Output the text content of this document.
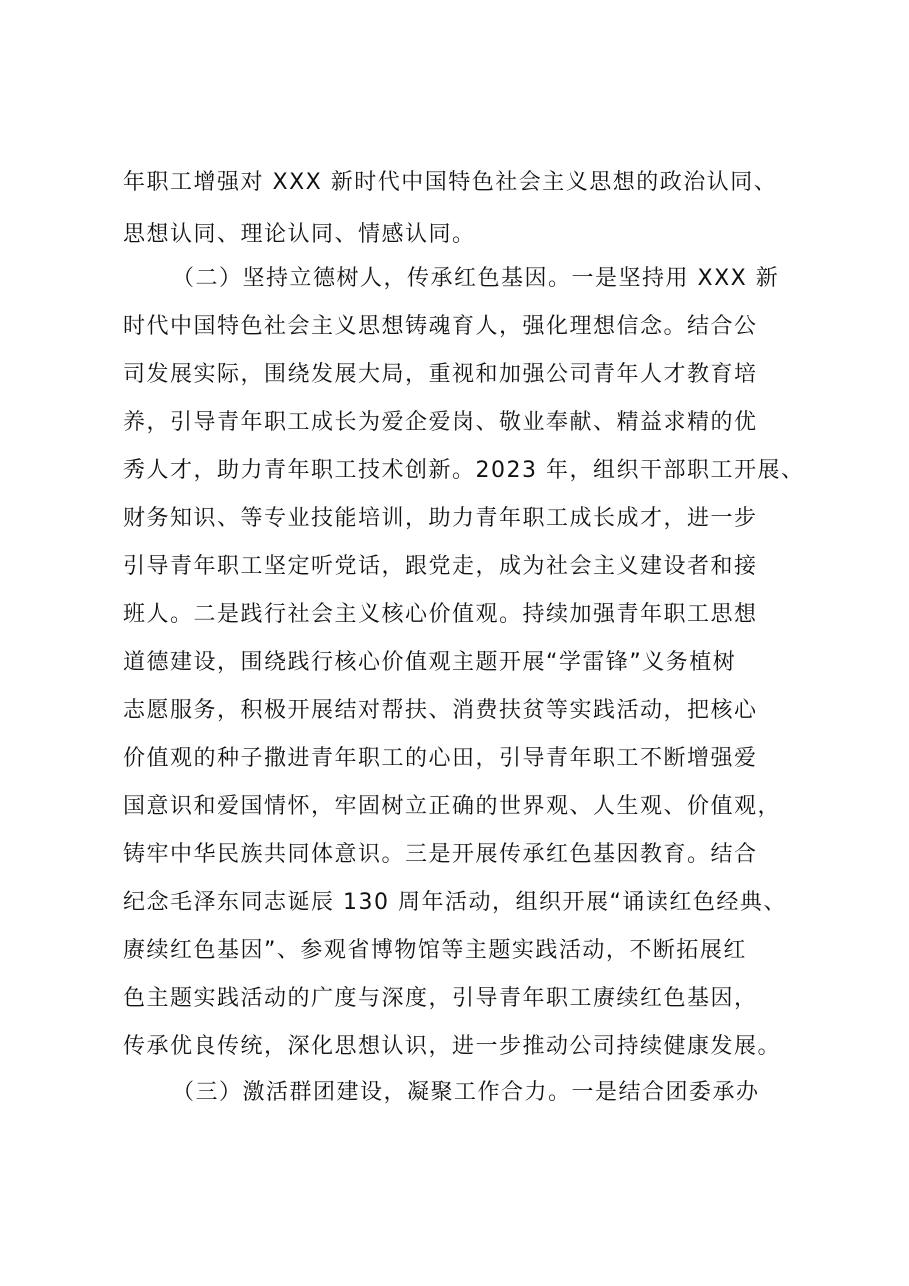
年职工增强对 XXX 新时代中国特色社会主义思想的政治认同、
思想认同、理论认同、情感认同。
（二）坚持立德树人，传承红色基因。一是坚持用 XXX 新
时代中国特色社会主义思想铸魂育人，强化理想信念。结合公
司发展实际，围绕发展大局，重视和加强公司青年人才教育培
养，引导青年职工成长为爱企爱岗、敬业奉献、精益求精的优
秀人才，助力青年职工技术创新。2023 年，组织干部职工开展、
财务知识、等专业技能培训，助力青年职工成长成才，进一步
引导青年职工坚定听党话，跟党走，成为社会主义建设者和接
班人。二是践行社会主义核心价值观。持续加强青年职工思想
道德建设，围绕践行核心价值观主题开展“学雷锋”义务植树
志愿服务，积极开展结对帮扶、消费扶贫等实践活动，把核心
价值观的种子撒进青年职工的心田，引导青年职工不断增强爱
国意识和爱国情怀，牢固树立正确的世界观、人生观、价值观，
铸牢中华民族共同体意识。三是开展传承红色基因教育。结合
纪念毛泽东同志诞辰 130 周年活动，组织开展“诵读红色经典、
赓续红色基因”、参观省博物馆等主题实践活动，不断拓展红
色主题实践活动的广度与深度，引导青年职工赓续红色基因，
传承优良传统，深化思想认识，进一步推动公司持续健康发展。
（三）激活群团建设，凝聚工作合力。一是结合团委承办
